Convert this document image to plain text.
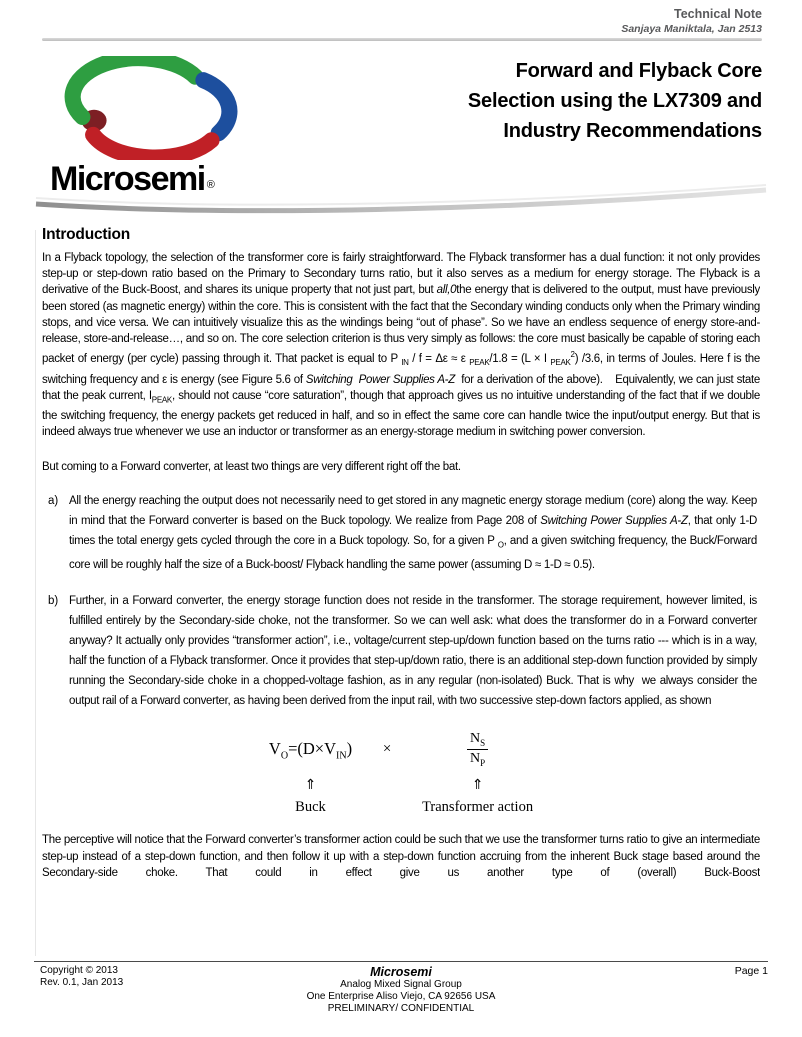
Technical Note
Sanjaya Maniktala, Jan 2513
Microsemi ®
Forward and Flyback Core
Selection using the LX7309 and
Industry Recommendations
Introduction

In a Flyback topology, the selection of the transformer core is fairly straightforward. The Flyback transformer has a dual function: it not only provides step-up or step-down ratio based on the Primary to Secondary turns ratio, but it also serves as a medium for energy storage. The Flyback is a derivative of the Buck-Boost, and shares its unique property that not just part, but all,0the energy that is delivered to the output, must have previously been stored (as magnetic energy) within the core. This is consistent with the fact that the Secondary winding conducts only when the Primary winding stops, and vice versa. We can intuitively visualize this as the windings being “out of phase”. So we have an endless sequence of energy store-and-release, store-and-release…, and so on. The core selection criterion is thus very simply as follows: the core must basically be capable of storing each packet of energy (per cycle) passing through it. That packet is equal to P $_{IN}$ / f = Δε ≈ ε $_{PEAK}$/1.8 = (L × I $_{PEAK}^2$) /3.6, in terms of Joules. Here f is the switching frequency and ε is energy (see Figure 5.6 of Switching  Power Supplies A-Z  for a derivation of the above).    Equivalently, we can just state that the peak current, $I_{PEAK}$, should not cause “core saturation”, though that approach gives us no intuitive understanding of the fact that if we double the switching frequency, the energy packets get reduced in half, and so in effect the same core can handle twice the input/output energy. But that is indeed always true whenever we use an inductor or transformer as an energy-storage medium in switching power conversion.

But coming to a Forward converter, at least two things are very different right off the bat.

a) All the energy reaching the output does not necessarily need to get stored in any magnetic energy storage medium (core) along the way. Keep in mind that the Forward converter is based on the Buck topology. We realize from Page 208 of Switching Power Supplies A-Z, that only 1-D times the total energy gets cycled through the core in a Buck topology. So, for a given P $_O$, and a given switching frequency, the Buck/Forward core will be roughly half the size of a Buck-boost/ Flyback handling the same power (assuming D ≈ 1-D ≈ 0.5).
b) Further, in a Forward converter, the energy storage function does not reside in the transformer. The storage requirement, however limited, is fulfilled entirely by the Secondary-side choke, not the transformer. So we can well ask: what does the transformer do in a Forward converter anyway? It actually only provides “transformer action”, i.e., voltage/current step-up/down function based on the turns ratio --- which is in a way, half the function of a Flyback transformer. Once it provides that step-up/down ratio, there is an additional step-down function provided by simply running the Secondary-side choke in a chopped-voltage fashion, as in any regular (non-isolated) Buck. That is why  we always consider the output rail of a Forward converter, as having been derived from the input rail, with two successive step-down factors applied, as shown
$V_O=(D\times V_{IN})$	×	$\frac{N_S}{N_P}$
⇑	⇑
Buck	Transformer action

The perceptive will notice that the Forward converter’s transformer action could be such that we use the transformer turns ratio to give an intermediate step-up instead of a step-down function, and then follow it up with a step-down function accruing from the inherent Buck stage based around the Secondary-side choke. That could in effect give us another type of (overall) Buck-Boost

Copyright © 2013
Rev. 0.1, Jan 2013
Microsemi
Analog Mixed Signal Group
One Enterprise Aliso Viejo, CA 92656 USA
PRELIMINARY/ CONFIDENTIAL
Page 1
